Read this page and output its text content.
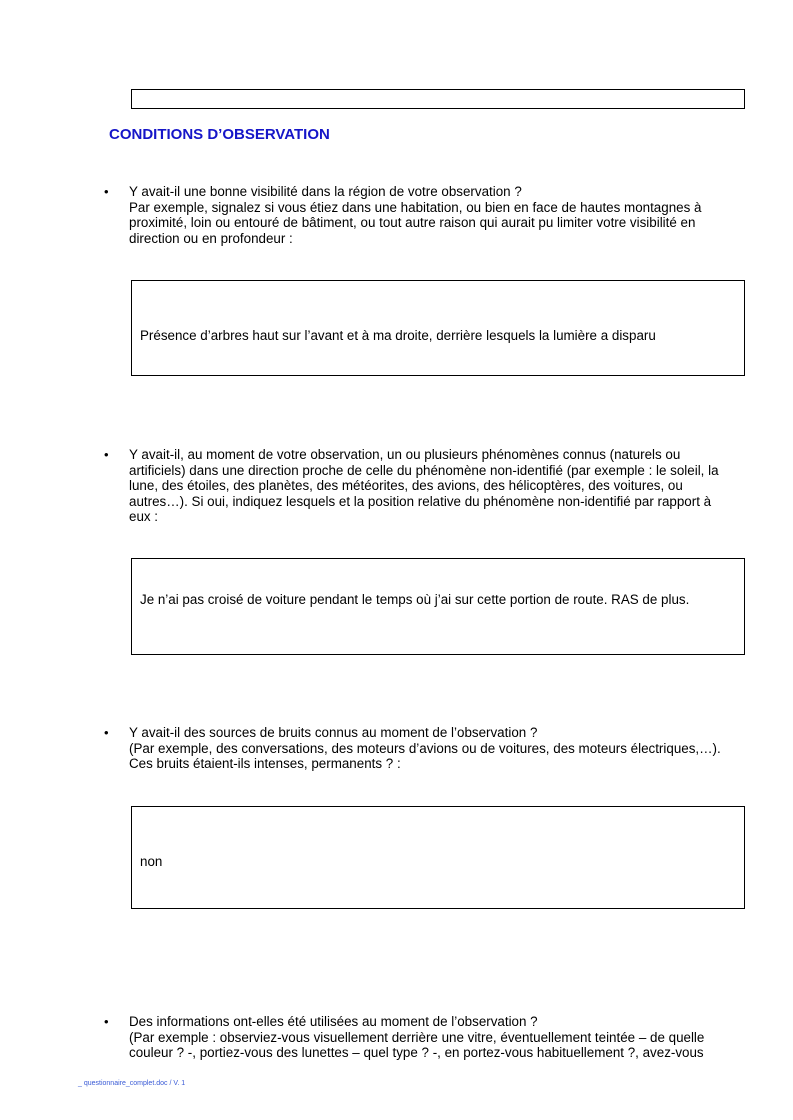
CONDITIONS D’OBSERVATION
• Y avait-il une bonne visibilité dans la région de votre observation ?
Par exemple, signalez si vous étiez dans une habitation, ou bien en face de hautes montagnes à
proximité, loin ou entouré de bâtiment, ou tout autre raison qui aurait pu limiter votre visibilité en
direction ou en profondeur :
Présence d’arbres haut sur l’avant et à ma droite, derrière lesquels la lumière a disparu
• Y avait-il, au moment de votre observation, un ou plusieurs phénomènes connus (naturels ou
artificiels) dans une direction proche de celle du phénomène non-identifié (par exemple : le soleil, la
lune, des étoiles, des planètes, des météorites, des avions, des hélicoptères, des voitures, ou
autres…). Si oui, indiquez lesquels et la position relative du phénomène non-identifié par rapport à
eux :
Je n’ai pas croisé de voiture pendant le temps où j’ai sur cette portion de route. RAS de plus.
• Y avait-il des sources de bruits connus au moment de l’observation ?
(Par exemple, des conversations, des moteurs d’avions ou de voitures, des moteurs électriques,…).
Ces bruits étaient-ils intenses, permanents ? :
non
• Des informations ont-elles été utilisées au moment de l’observation ?
(Par exemple : observiez-vous visuellement derrière une vitre, éventuellement teintée – de quelle
couleur ? -, portiez-vous des lunettes – quel type ? -, en portez-vous habituellement ?, avez-vous
_ questionnaire_complet.doc / V. 1
